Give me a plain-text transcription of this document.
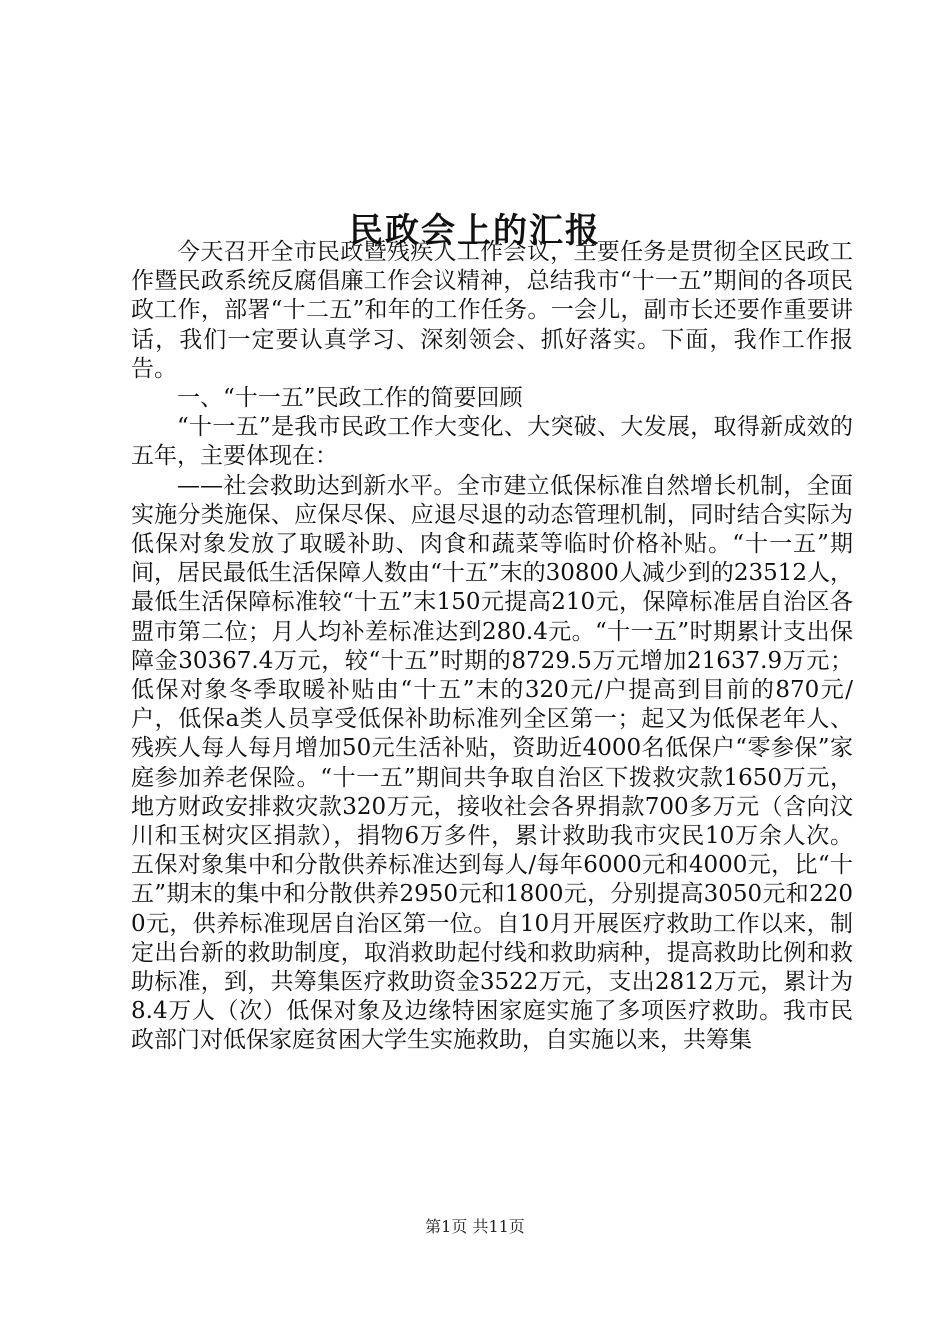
民政会上的汇报

今天召开全市民政暨残疾人工作会议，主要任务是贯彻全区民政工作暨民政系统反腐倡廉工作会议精神，总结我市“十一五”期间的各项民政工作，部署“十二五”和年的工作任务。一会儿，副市长还要作重要讲话，我们一定要认真学习、深刻领会、抓好落实。下面，我作工作报告。

一、“十一五”民政工作的简要回顾

“十一五”是我市民政工作大变化、大突破、大发展，取得新成效的五年，主要体现在：

——社会救助达到新水平。全市建立低保标准自然增长机制，全面实施分类施保、应保尽保、应退尽退的动态管理机制，同时结合实际为低保对象发放了取暖补助、肉食和蔬菜等临时价格补贴。“十一五”期间，居民最低生活保障人数由“十五”末的30800人减少到的23512人，最低生活保障标准较“十五”末150元提高210元，保障标准居自治区各盟市第二位；月人均补差标准达到280.4元。“十一五”时期累计支出保障金30367.4万元，较“十五”时期的8729.5万元增加21637.9万元；低保对象冬季取暖补贴由“十五”末的320元/户提高到目前的870元/户，低保a类人员享受低保补助标准列全区第一；起又为低保老年人、残疾人每人每月增加50元生活补贴，资助近4000名低保户“零参保”家庭参加养老保险。“十一五”期间共争取自治区下拨救灾款1650万元，地方财政安排救灾款320万元，接收社会各界捐款700多万元（含向汶川和玉树灾区捐款），捐物6万多件，累计救助我市灾民10万余人次。五保对象集中和分散供养标准达到每人/每年6000元和4000元，比“十五”期末的集中和分散供养2950元和1800元，分别提高3050元和2200元，供养标准现居自治区第一位。自10月开展医疗救助工作以来，制定出台新的救助制度，取消救助起付线和救助病种，提高救助比例和救助标准，到，共筹集医疗救助资金3522万元，支出2812万元，累计为8.4万人（次）低保对象及边缘特困家庭实施了多项医疗救助。我市民政部门对低保家庭贫困大学生实施救助，自实施以来，共筹集

第1页 共11页
